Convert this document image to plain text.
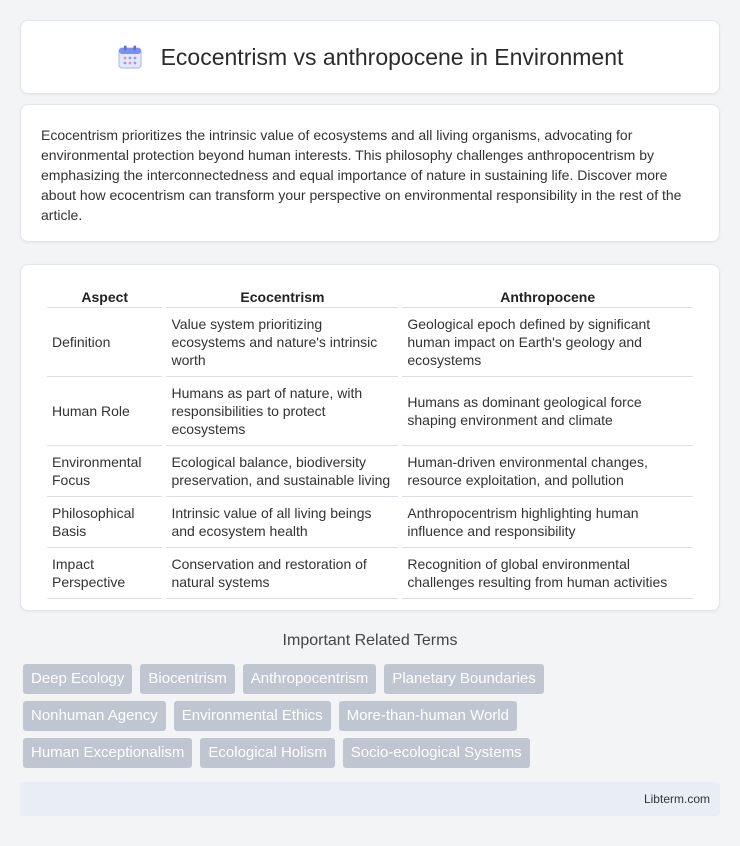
Ecocentrism vs anthropocene in Environment

Ecocentrism prioritizes the intrinsic value of ecosystems and all living organisms, advocating for environmental protection beyond human interests. This philosophy challenges anthropocentrism by emphasizing the interconnectedness and equal importance of nature in sustaining life. Discover more about how ecocentrism can transform your perspective on environmental responsibility in the rest of the article.

Aspect	Ecocentrism	Anthropocene
Definition	Value system prioritizing ecosystems and nature's intrinsic worth	Geological epoch defined by significant human impact on Earth's geology and ecosystems
Human Role	Humans as part of nature, with responsibilities to protect ecosystems	Humans as dominant geological force shaping environment and climate
Environmental Focus	Ecological balance, biodiversity preservation, and sustainable living	Human-driven environmental changes, resource exploitation, and pollution
Philosophical Basis	Intrinsic value of all living beings and ecosystem health	Anthropocentrism highlighting human influence and responsibility
Impact Perspective	Conservation and restoration of natural systems	Recognition of global environmental challenges resulting from human activities
Important Related Terms
Deep Ecology	Biocentrism	Anthropocentrism	Planetary Boundaries
Nonhuman Agency	Environmental Ethics	More-than-human World
Human Exceptionalism	Ecological Holism	Socio-ecological Systems
Libterm.com
